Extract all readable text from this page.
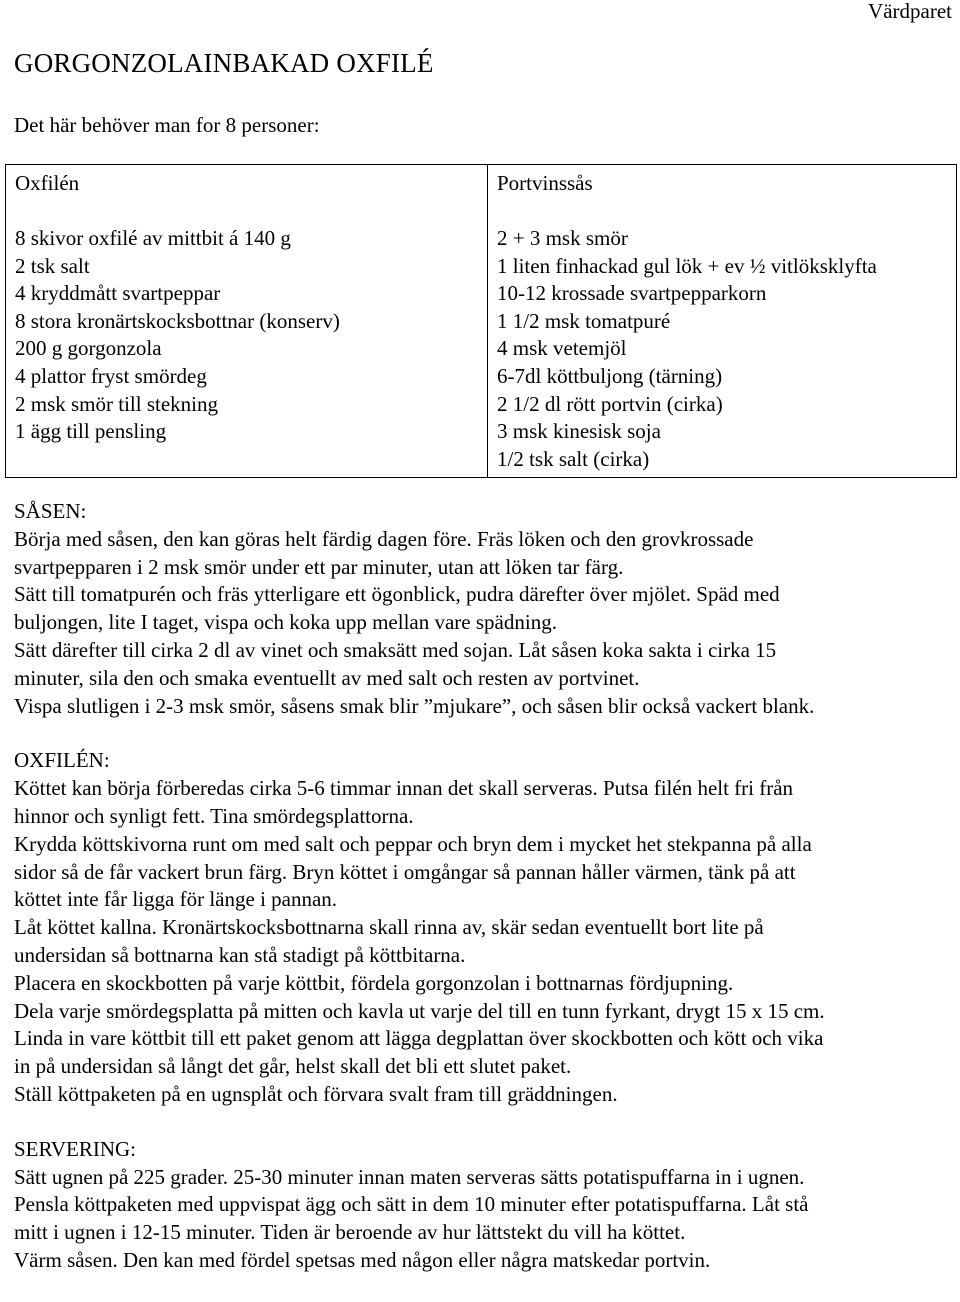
Värdparet
GORGONZOLAINBAKAD OXFILÉ
Det här behöver man for 8 personer:
Oxfilén
8 skivor oxfilé av mittbit á 140 g
2 tsk salt
4 kryddmått svartpeppar
8 stora kronärtskocksbottnar (konserv)
200 g gorgonzola
4 plattor fryst smördeg
2 msk smör till stekning
1 ägg till pensling

Portvinssås
2 + 3 msk smör
1 liten finhackad gul lök + ev ½ vitlöksklyfta
10-12 krossade svartpepparkorn
1 1/2 msk tomatpuré
4 msk vetemjöl
6-7dl köttbuljong (tärning)
2 1/2 dl rött portvin (cirka)
3 msk kinesisk soja
1/2 tsk salt (cirka)
SÅSEN:
Börja med såsen, den kan göras helt färdig dagen före. Fräs löken och den grovkrossade
svartpepparen i 2 msk smör under ett par minuter, utan att löken tar färg.
Sätt till tomatpurén och fräs ytterligare ett ögonblick, pudra därefter över mjölet. Späd med
buljongen, lite I taget, vispa och koka upp mellan vare spädning.
Sätt därefter till cirka 2 dl av vinet och smaksätt med sojan. Låt såsen koka sakta i cirka 15
minuter, sila den och smaka eventuellt av med salt och resten av portvinet.
Vispa slutligen i 2-3 msk smör, såsens smak blir ”mjukare”, och såsen blir också vackert blank.
OXFILÉN:
Köttet kan börja förberedas cirka 5-6 timmar innan det skall serveras. Putsa filén helt fri från
hinnor och synligt fett. Tina smördegsplattorna.
Krydda köttskivorna runt om med salt och peppar och bryn dem i mycket het stekpanna på alla
sidor så de får vackert brun färg. Bryn köttet i omgångar så pannan håller värmen, tänk på att
köttet inte får ligga för länge i pannan.
Låt köttet kallna. Kronärtskocksbottnarna skall rinna av, skär sedan eventuellt bort lite på
undersidan så bottnarna kan stå stadigt på köttbitarna.
Placera en skockbotten på varje köttbit, fördela gorgonzolan i bottnarnas fördjupning.
Dela varje smördegsplatta på mitten och kavla ut varje del till en tunn fyrkant, drygt 15 x 15 cm.
Linda in vare köttbit till ett paket genom att lägga degplattan över skockbotten och kött och vika
in på undersidan så långt det går, helst skall det bli ett slutet paket.
Ställ köttpaketen på en ugnsplåt och förvara svalt fram till gräddningen.
SERVERING:
Sätt ugnen på 225 grader. 25-30 minuter innan maten serveras sätts potatispuffarna in i ugnen.
Pensla köttpaketen med uppvispat ägg och sätt in dem 10 minuter efter potatispuffarna. Låt stå
mitt i ugnen i 12-15 minuter. Tiden är beroende av hur lättstekt du vill ha köttet.
Värm såsen. Den kan med fördel spetsas med någon eller några matskedar portvin.
